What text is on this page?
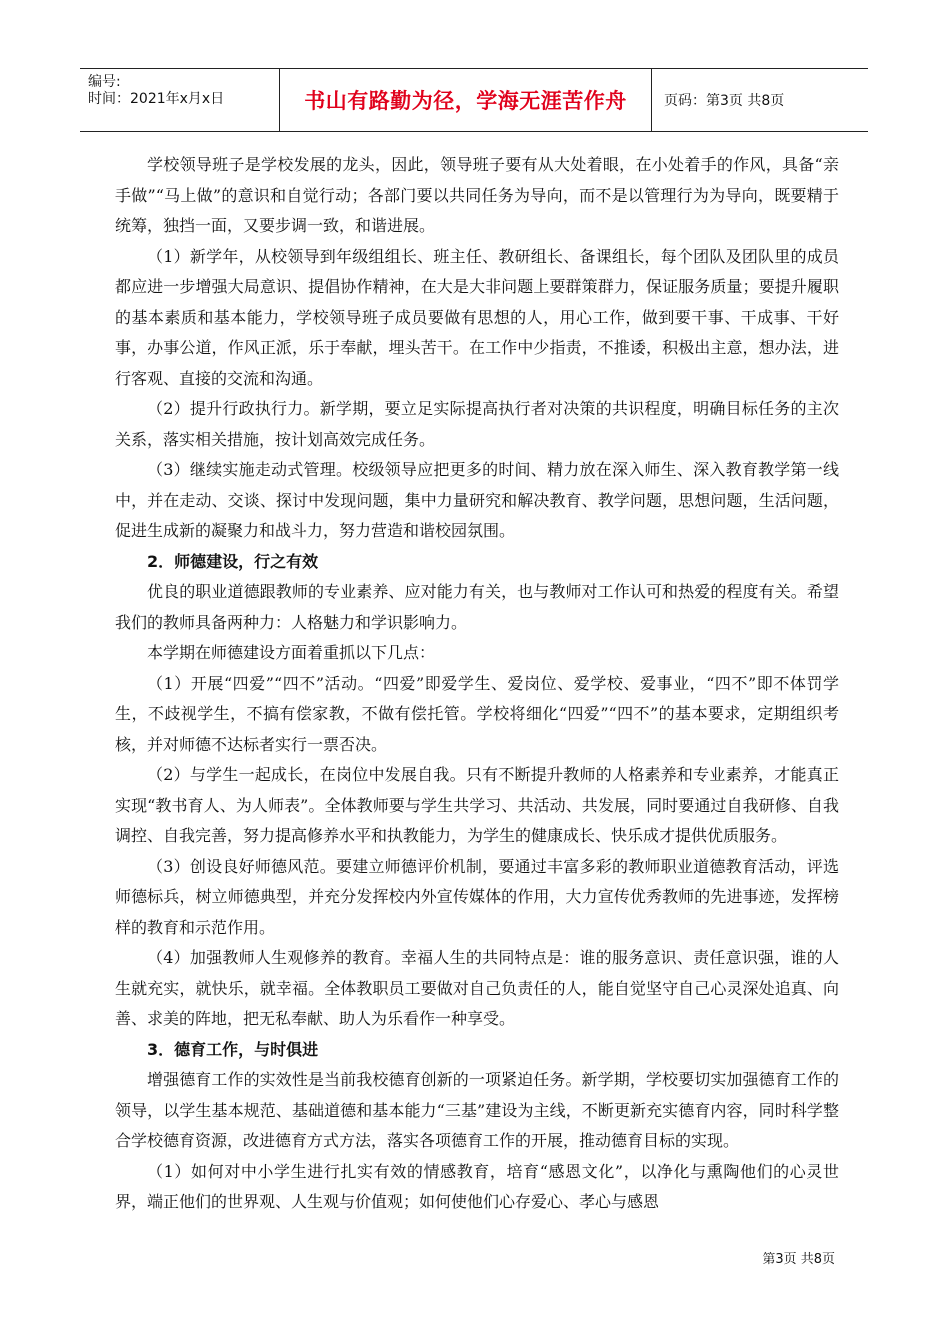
编号:
时间：2021年x月x日	书山有路勤为径，学海无涯苦作舟	页码：第3页 共8页

学校领导班子是学校发展的龙头，因此，领导班子要有从大处着眼，在小处着手的作风，具备“亲手做”“马上做”的意识和自觉行动；各部门要以共同任务为导向，而不是以管理行为为导向，既要精于统筹，独挡一面，又要步调一致，和谐进展。

（1）新学年，从校领导到年级组组长、班主任、教研组长、备课组长，每个团队及团队里的成员都应进一步增强大局意识、提倡协作精神，在大是大非问题上要群策群力，保证服务质量；要提升履职的基本素质和基本能力，学校领导班子成员要做有思想的人，用心工作，做到要干事、干成事、干好事，办事公道，作风正派，乐于奉献，埋头苦干。在工作中少指责，不推诿，积极出主意，想办法，进行客观、直接的交流和沟通。

（2）提升行政执行力。新学期，要立足实际提高执行者对决策的共识程度，明确目标任务的主次关系，落实相关措施，按计划高效完成任务。

（3）继续实施走动式管理。校级领导应把更多的时间、精力放在深入师生、深入教育教学第一线中，并在走动、交谈、探讨中发现问题，集中力量研究和解决教育、教学问题，思想问题，生活问题，促进生成新的凝聚力和战斗力，努力营造和谐校园氛围。

2．师德建设，行之有效

优良的职业道德跟教师的专业素养、应对能力有关，也与教师对工作认可和热爱的程度有关。希望我们的教师具备两种力：人格魅力和学识影响力。

本学期在师德建设方面着重抓以下几点：

（1）开展“四爱”“四不”活动。“四爱”即爱学生、爱岗位、爱学校、爱事业，“四不”即不体罚学生，不歧视学生，不搞有偿家教，不做有偿托管。学校将细化“四爱”“四不”的基本要求，定期组织考核，并对师德不达标者实行一票否决。

（2）与学生一起成长，在岗位中发展自我。只有不断提升教师的人格素养和专业素养，才能真正实现“教书育人、为人师表”。全体教师要与学生共学习、共活动、共发展，同时要通过自我研修、自我调控、自我完善，努力提高修养水平和执教能力，为学生的健康成长、快乐成才提供优质服务。

（3）创设良好师德风范。要建立师德评价机制，要通过丰富多彩的教师职业道德教育活动，评选师德标兵，树立师德典型，并充分发挥校内外宣传媒体的作用，大力宣传优秀教师的先进事迹，发挥榜样的教育和示范作用。

（4）加强教师人生观修养的教育。幸福人生的共同特点是：谁的服务意识、责任意识强，谁的人生就充实，就快乐，就幸福。全体教职员工要做对自己负责任的人，能自觉坚守自己心灵深处追真、向善、求美的阵地，把无私奉献、助人为乐看作一种享受。

3．德育工作，与时俱进

增强德育工作的实效性是当前我校德育创新的一项紧迫任务。新学期，学校要切实加强德育工作的领导，以学生基本规范、基础道德和基本能力“三基”建设为主线，不断更新充实德育内容，同时科学整合学校德育资源，改进德育方式方法，落实各项德育工作的开展，推动德育目标的实现。

（1）如何对中小学生进行扎实有效的情感教育，培育“感恩文化”，以净化与熏陶他们的心灵世界，端正他们的世界观、人生观与价值观；如何使他们心存爱心、孝心与感恩

第3页 共8页
